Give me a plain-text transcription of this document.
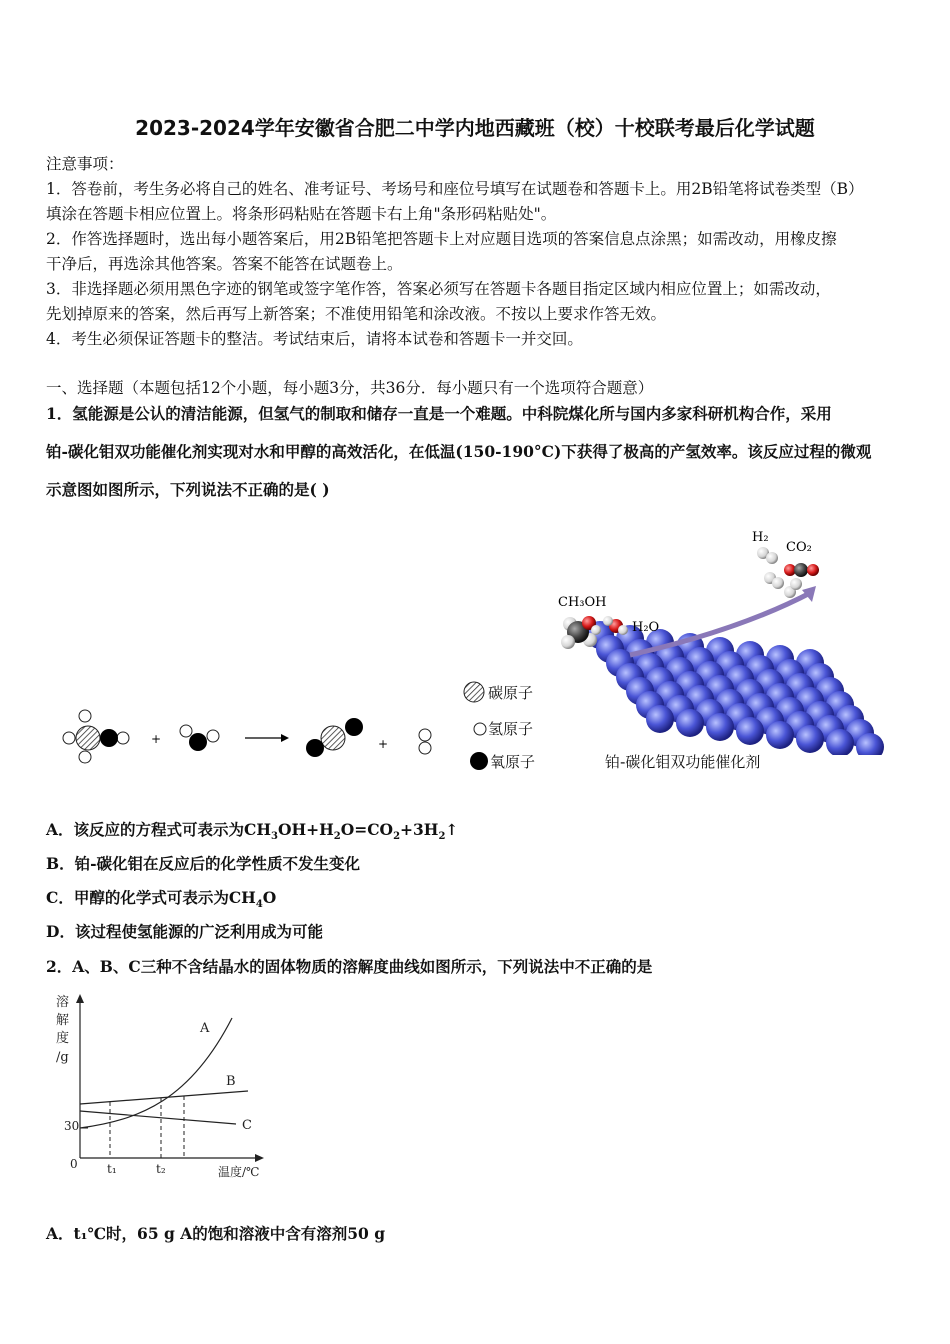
2023-2024学年安徽省合肥二中学内地西藏班（校）十校联考最后化学试题
注意事项：
1．答卷前，考生务必将自己的姓名、准考证号、考场号和座位号填写在试题卷和答题卡上。用2B铅笔将试卷类型（B）
填涂在答题卡相应位置上。将条形码粘贴在答题卡右上角"条形码粘贴处"。
2．作答选择题时，选出每小题答案后，用2B铅笔把答题卡上对应题目选项的答案信息点涂黑；如需改动，用橡皮擦
干净后，再选涂其他答案。答案不能答在试题卷上。
3．非选择题必须用黑色字迹的钢笔或签字笔作答，答案必须写在答题卡各题目指定区域内相应位置上；如需改动，
先划掉原来的答案，然后再写上新答案；不准使用铅笔和涂改液。不按以上要求作答无效。
4．考生必须保证答题卡的整洁。考试结束后，请将本试卷和答题卡一并交回。
一、选择题（本题包括12个小题，每小题3分，共36分．每小题只有一个选项符合题意）
1．氢能源是公认的清洁能源，但氢气的制取和储存一直是一个难题。中科院煤化所与国内多家科研机构合作，采用
铂-碳化钼双功能催化剂实现对水和甲醇的高效活化，在低温(150-190°C)下获得了极高的产氢效率。该反应过程的微观
示意图如图所示，下列说法不正确的是( )
+	+
碳原子
氢原子
氧原子
H₂
CO₂
CH₃OH
H₂O
铂-碳化钼双功能催化剂
A．该反应的方程式可表示为$CH_3OH+H_2O=CO_2+3H_2↑$
B．铂-碳化钼在反应后的化学性质不发生变化
C．甲醇的化学式可表示为$CH_4O$
D．该过程使氢能源的广泛利用成为可能
2．A、B、C三种不含结晶水的固体物质的溶解度曲线如图所示，下列说法中不正确的是
溶
解
度
/g
0
30
t₁	t₂	温度/℃
A
B
C
A．t₁℃时，65 g A的饱和溶液中含有溶剂50 g
